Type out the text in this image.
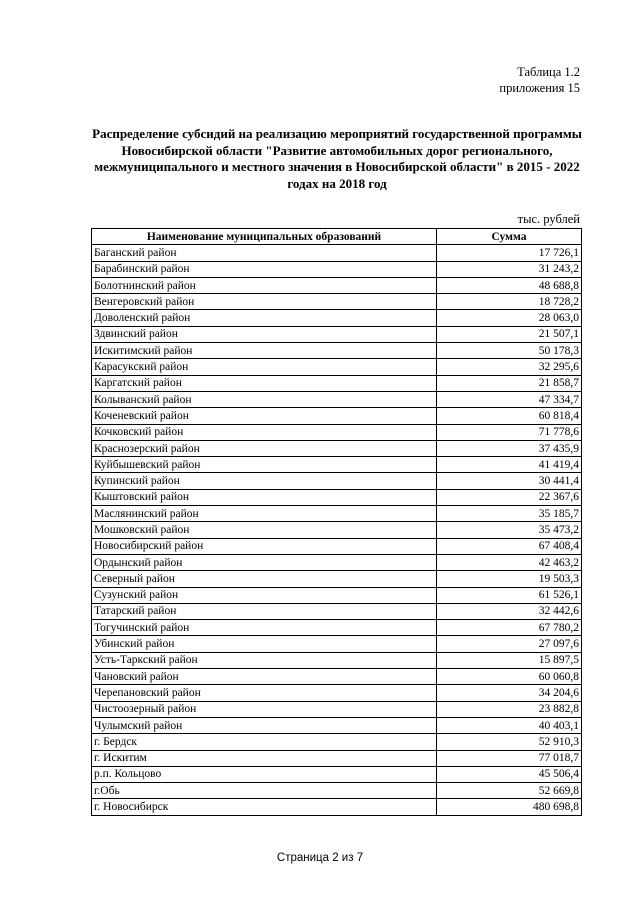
Таблица 1.2
приложения 15
Распределение субсидий на реализацию мероприятий государственной программы Новосибирской области "Развитие автомобильных дорог регионального, межмуниципального и местного значения в Новосибирской области" в 2015 - 2022 годах на 2018 год
тыс. рублей
Наименование муниципальных образований	Сумма
Баганский район	17 726,1
Барабинский район	31 243,2
Болотнинский район	48 688,8
Венгеровский район	18 728,2
Доволенский район	28 063,0
Здвинский район	21 507,1
Искитимский район	50 178,3
Карасукский район	32 295,6
Каргатский район	21 858,7
Колыванский район	47 334,7
Коченевский район	60 818,4
Кочковский район	71 778,6
Краснозерский район	37 435,9
Куйбышевский район	41 419,4
Купинский район	30 441,4
Кыштовский район	22 367,6
Маслянинский район	35 185,7
Мошковский район	35 473,2
Новосибирский район	67 408,4
Ордынский район	42 463,2
Северный район	19 503,3
Сузунский район	61 526,1
Татарский район	32 442,6
Тогучинский район	67 780,2
Убинский район	27 097,6
Усть-Таркский район	15 897,5
Чановский район	60 060,8
Черепановский район	34 204,6
Чистоозерный район	23 882,8
Чулымский район	40 403,1
г. Бердск	52 910,3
г. Искитим	77 018,7
р.п. Кольцово	45 506,4
г.Обь	52 669,8
г. Новосибирск	480 698,8
Страница 2 из 7
